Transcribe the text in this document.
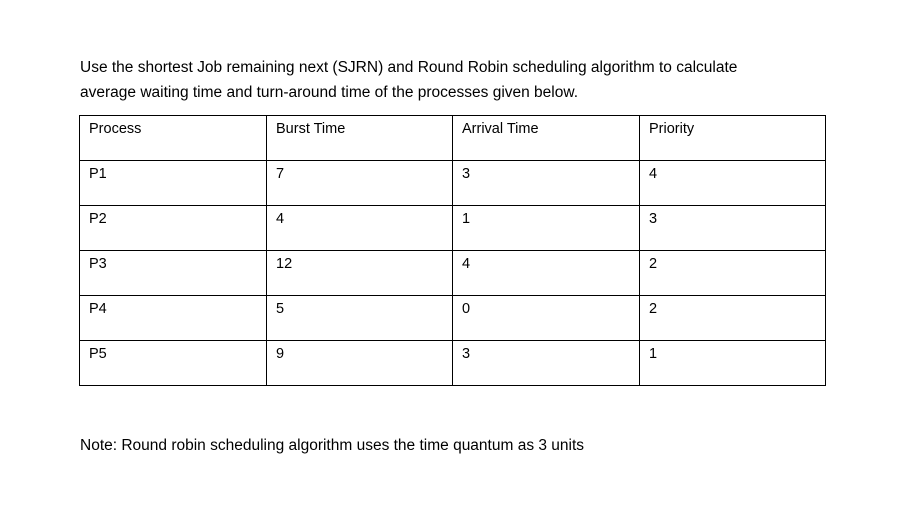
Use the shortest Job remaining next (SJRN) and Round Robin scheduling algorithm to calculate
average waiting time and turn-around time of the processes given below.

Process	Burst Time	Arrival Time	Priority
P1	7	3	4
P2	4	1	3
P3	12	4	2
P4	5	0	2
P5	9	3	1

Note: Round robin scheduling algorithm uses the time quantum as 3 units
